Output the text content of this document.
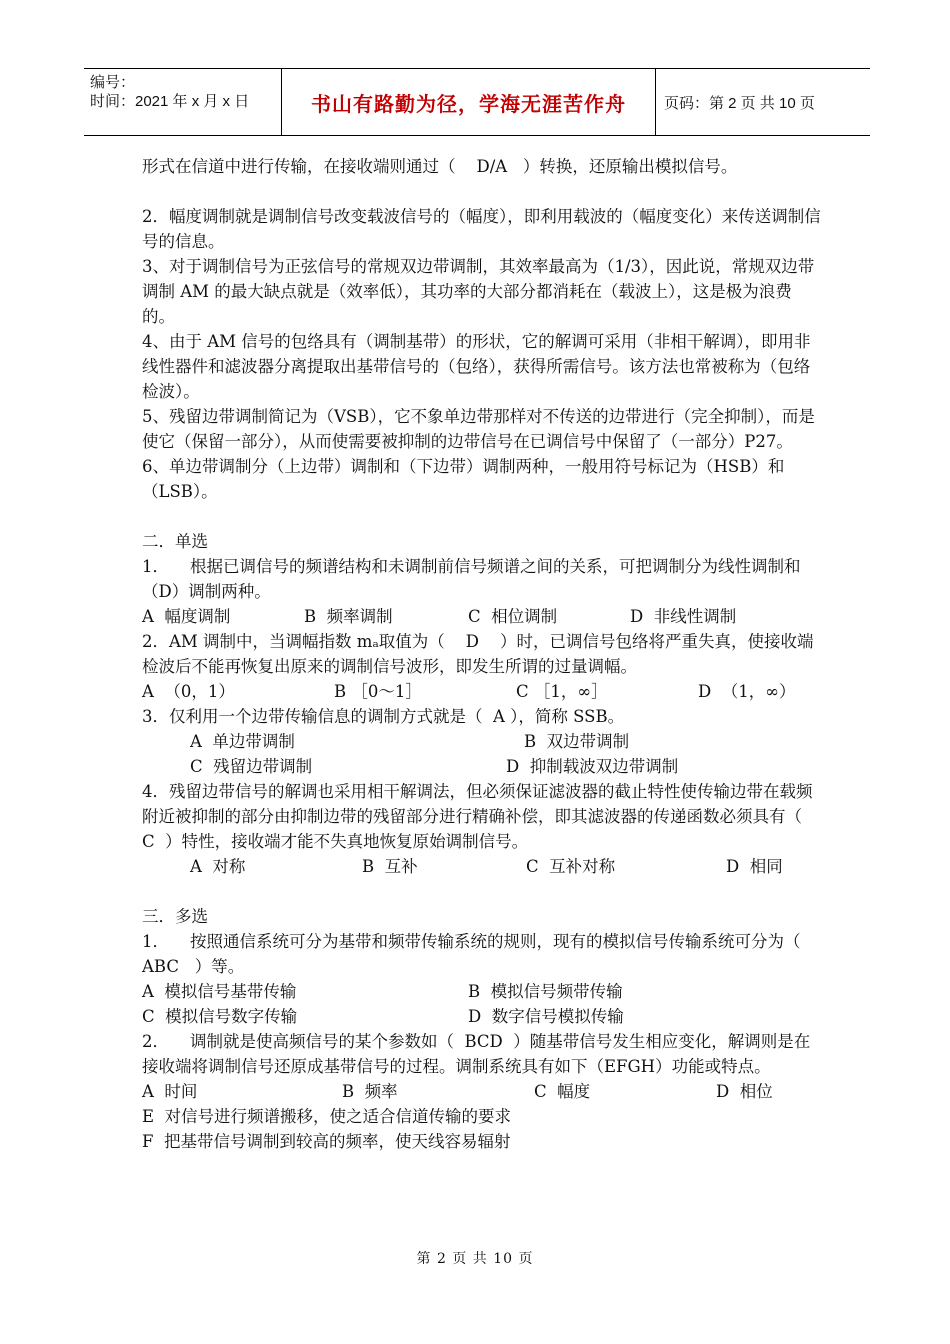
编号：
时间：2021 年 x 月 x 日	书山有路勤为径，学海无涯苦作舟	页码：第 2 页 共 10 页

形式在信道中进行传输，在接收端则通过（    D/A   ）转换，还原输出模拟信号。

2．幅度调制就是调制信号改变载波信号的（幅度），即利用载波的（幅度变化）来传送调制信号的信息。

3、对于调制信号为正弦信号的常规双边带调制，其效率最高为（1/3），因此说，常规双边带调制 AM 的最大缺点就是（效率低），其功率的大部分都消耗在（载波上），这是极为浪费的。

4、由于 AM 信号的包络具有（调制基带）的形状，它的解调可采用（非相干解调），即用非线性器件和滤波器分离提取出基带信号的（包络），获得所需信号。该方法也常被称为（包络检波）。

5、残留边带调制简记为（VSB），它不象单边带那样对不传送的边带进行（完全抑制），而是使它（保留一部分），从而使需要被抑制的边带信号在已调信号中保留了（一部分）P27。

6、单边带调制分（上边带）调制和（下边带）调制两种，一般用符号标记为（HSB）和（LSB）。

二．单选

1．    根据已调信号的频谱结构和未调制前信号频谱之间的关系，可把调制分为线性调制和（D）调制两种。

A  幅度调制	B  频率调制	C  相位调制	D  非线性调制

2．AM 调制中，当调幅指数 mₐ取值为（    D    ）时，已调信号包络将严重失真，使接收端检波后不能再恢复出原来的调制信号波形，即发生所谓的过量调幅。

A  （0，1）	B ［0～1］	C ［1，∞］	D  （1，∞）

3．仅利用一个边带传输信息的调制方式就是（  A ），简称 SSB。

A  单边带调制	B  双边带调制
C  残留边带调制	D  抑制载波双边带调制

4．残留边带信号的解调也采用相干解调法，但必须保证滤波器的截止特性使传输边带在载频附近被抑制的部分由抑制边带的残留部分进行精确补偿，即其滤波器的传递函数必须具有（   C  ）特性，接收端才能不失真地恢复原始调制信号。

A  对称	B  互补	C  互补对称	D  相同

三．多选

1．    按照通信系统可分为基带和频带传输系统的规则，现有的模拟信号传输系统可分为（  ABC   ）等。

A  模拟信号基带传输	B  模拟信号频带传输
C  模拟信号数字传输	D  数字信号模拟传输

2．    调制就是使高频信号的某个参数如（  BCD  ）随基带信号发生相应变化，解调则是在接收端将调制信号还原成基带信号的过程。调制系统具有如下（EFGH）功能或特点。

A  时间	B  频率	C  幅度	D  相位

E  对信号进行频谱搬移，使之适合信道传输的要求

F  把基带信号调制到较高的频率，使天线容易辐射

第 2 页 共 10 页
